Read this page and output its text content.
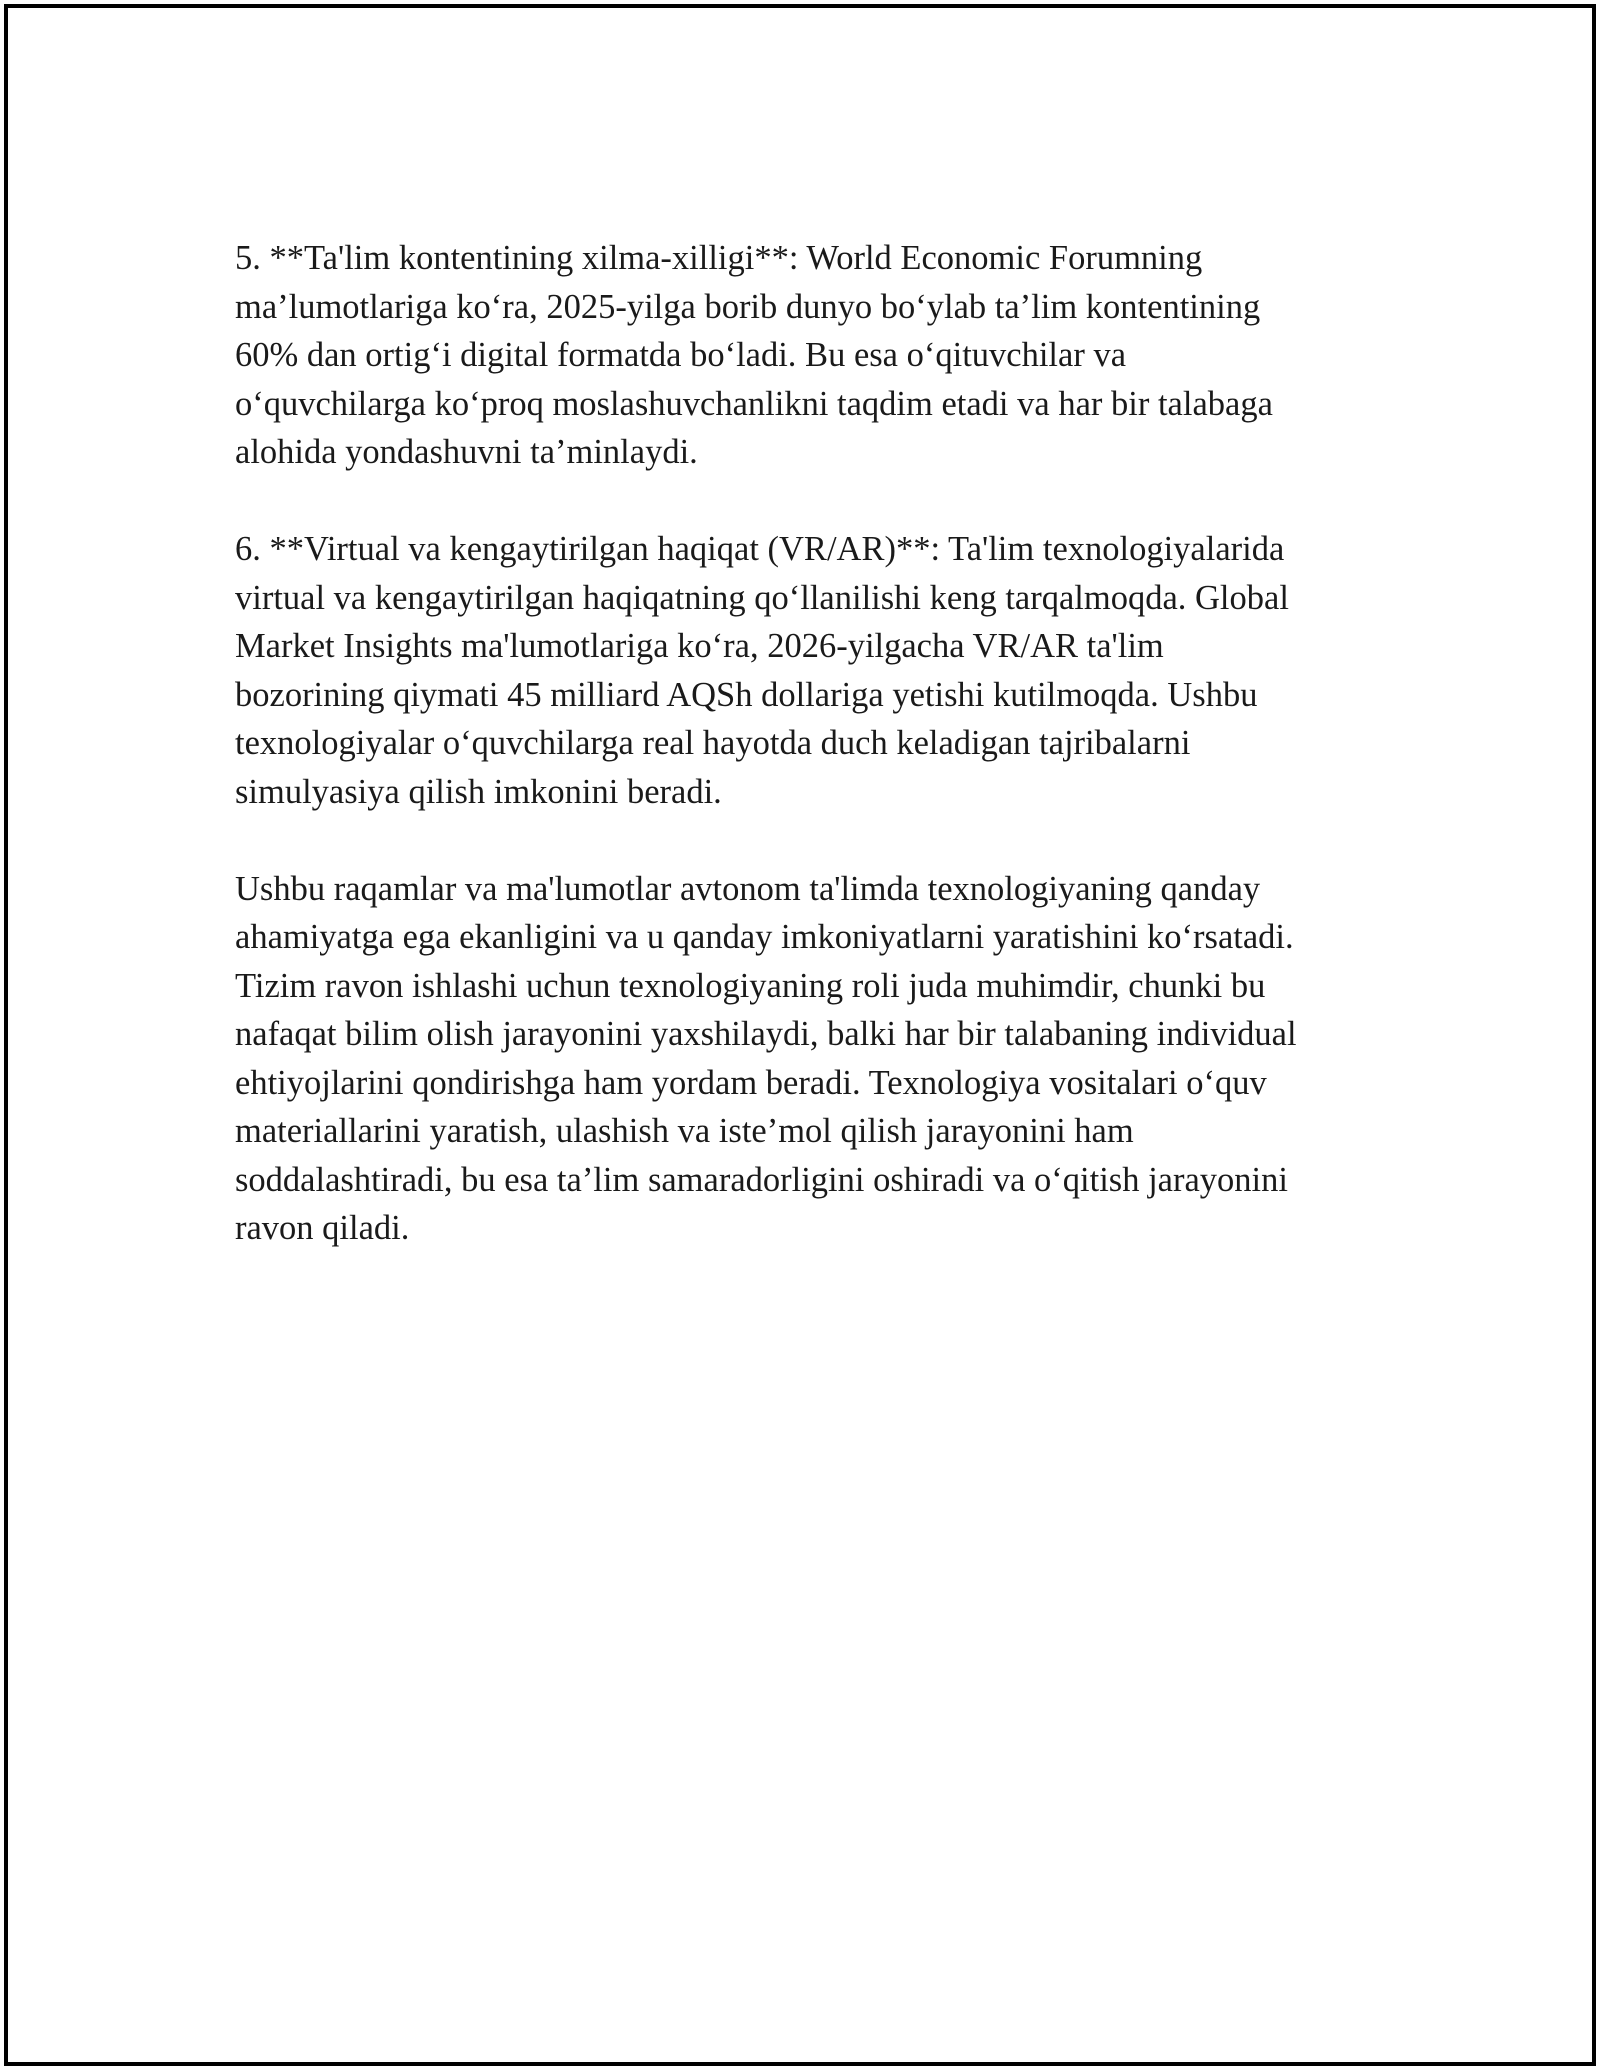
5. **Ta'lim kontentining xilma-xilligi**: World Economic Forumning
ma’lumotlariga ko‘ra, 2025-yilga borib dunyo bo‘ylab ta’lim kontentining
60% dan ortig‘i digital formatda bo‘ladi. Bu esa o‘qituvchilar va
o‘quvchilarga ko‘proq moslashuvchanlikni taqdim etadi va har bir talabaga
alohida yondashuvni ta’minlaydi.

6. **Virtual va kengaytirilgan haqiqat (VR/AR)**: Ta'lim texnologiyalarida
virtual va kengaytirilgan haqiqatning qo‘llanilishi keng tarqalmoqda. Global
Market Insights ma'lumotlariga ko‘ra, 2026-yilgacha VR/AR ta'lim
bozorining qiymati 45 milliard AQSh dollariga yetishi kutilmoqda. Ushbu
texnologiyalar o‘quvchilarga real hayotda duch keladigan tajribalarni
simulyasiya qilish imkonini beradi.

Ushbu raqamlar va ma'lumotlar avtonom ta'limda texnologiyaning qanday
ahamiyatga ega ekanligini va u qanday imkoniyatlarni yaratishini ko‘rsatadi.
Tizim ravon ishlashi uchun texnologiyaning roli juda muhimdir, chunki bu
nafaqat bilim olish jarayonini yaxshilaydi, balki har bir talabaning individual
ehtiyojlarini qondirishga ham yordam beradi. Texnologiya vositalari o‘quv
materiallarini yaratish, ulashish va iste’mol qilish jarayonini ham
soddalashtiradi, bu esa ta’lim samaradorligini oshiradi va o‘qitish jarayonini
ravon qiladi.
